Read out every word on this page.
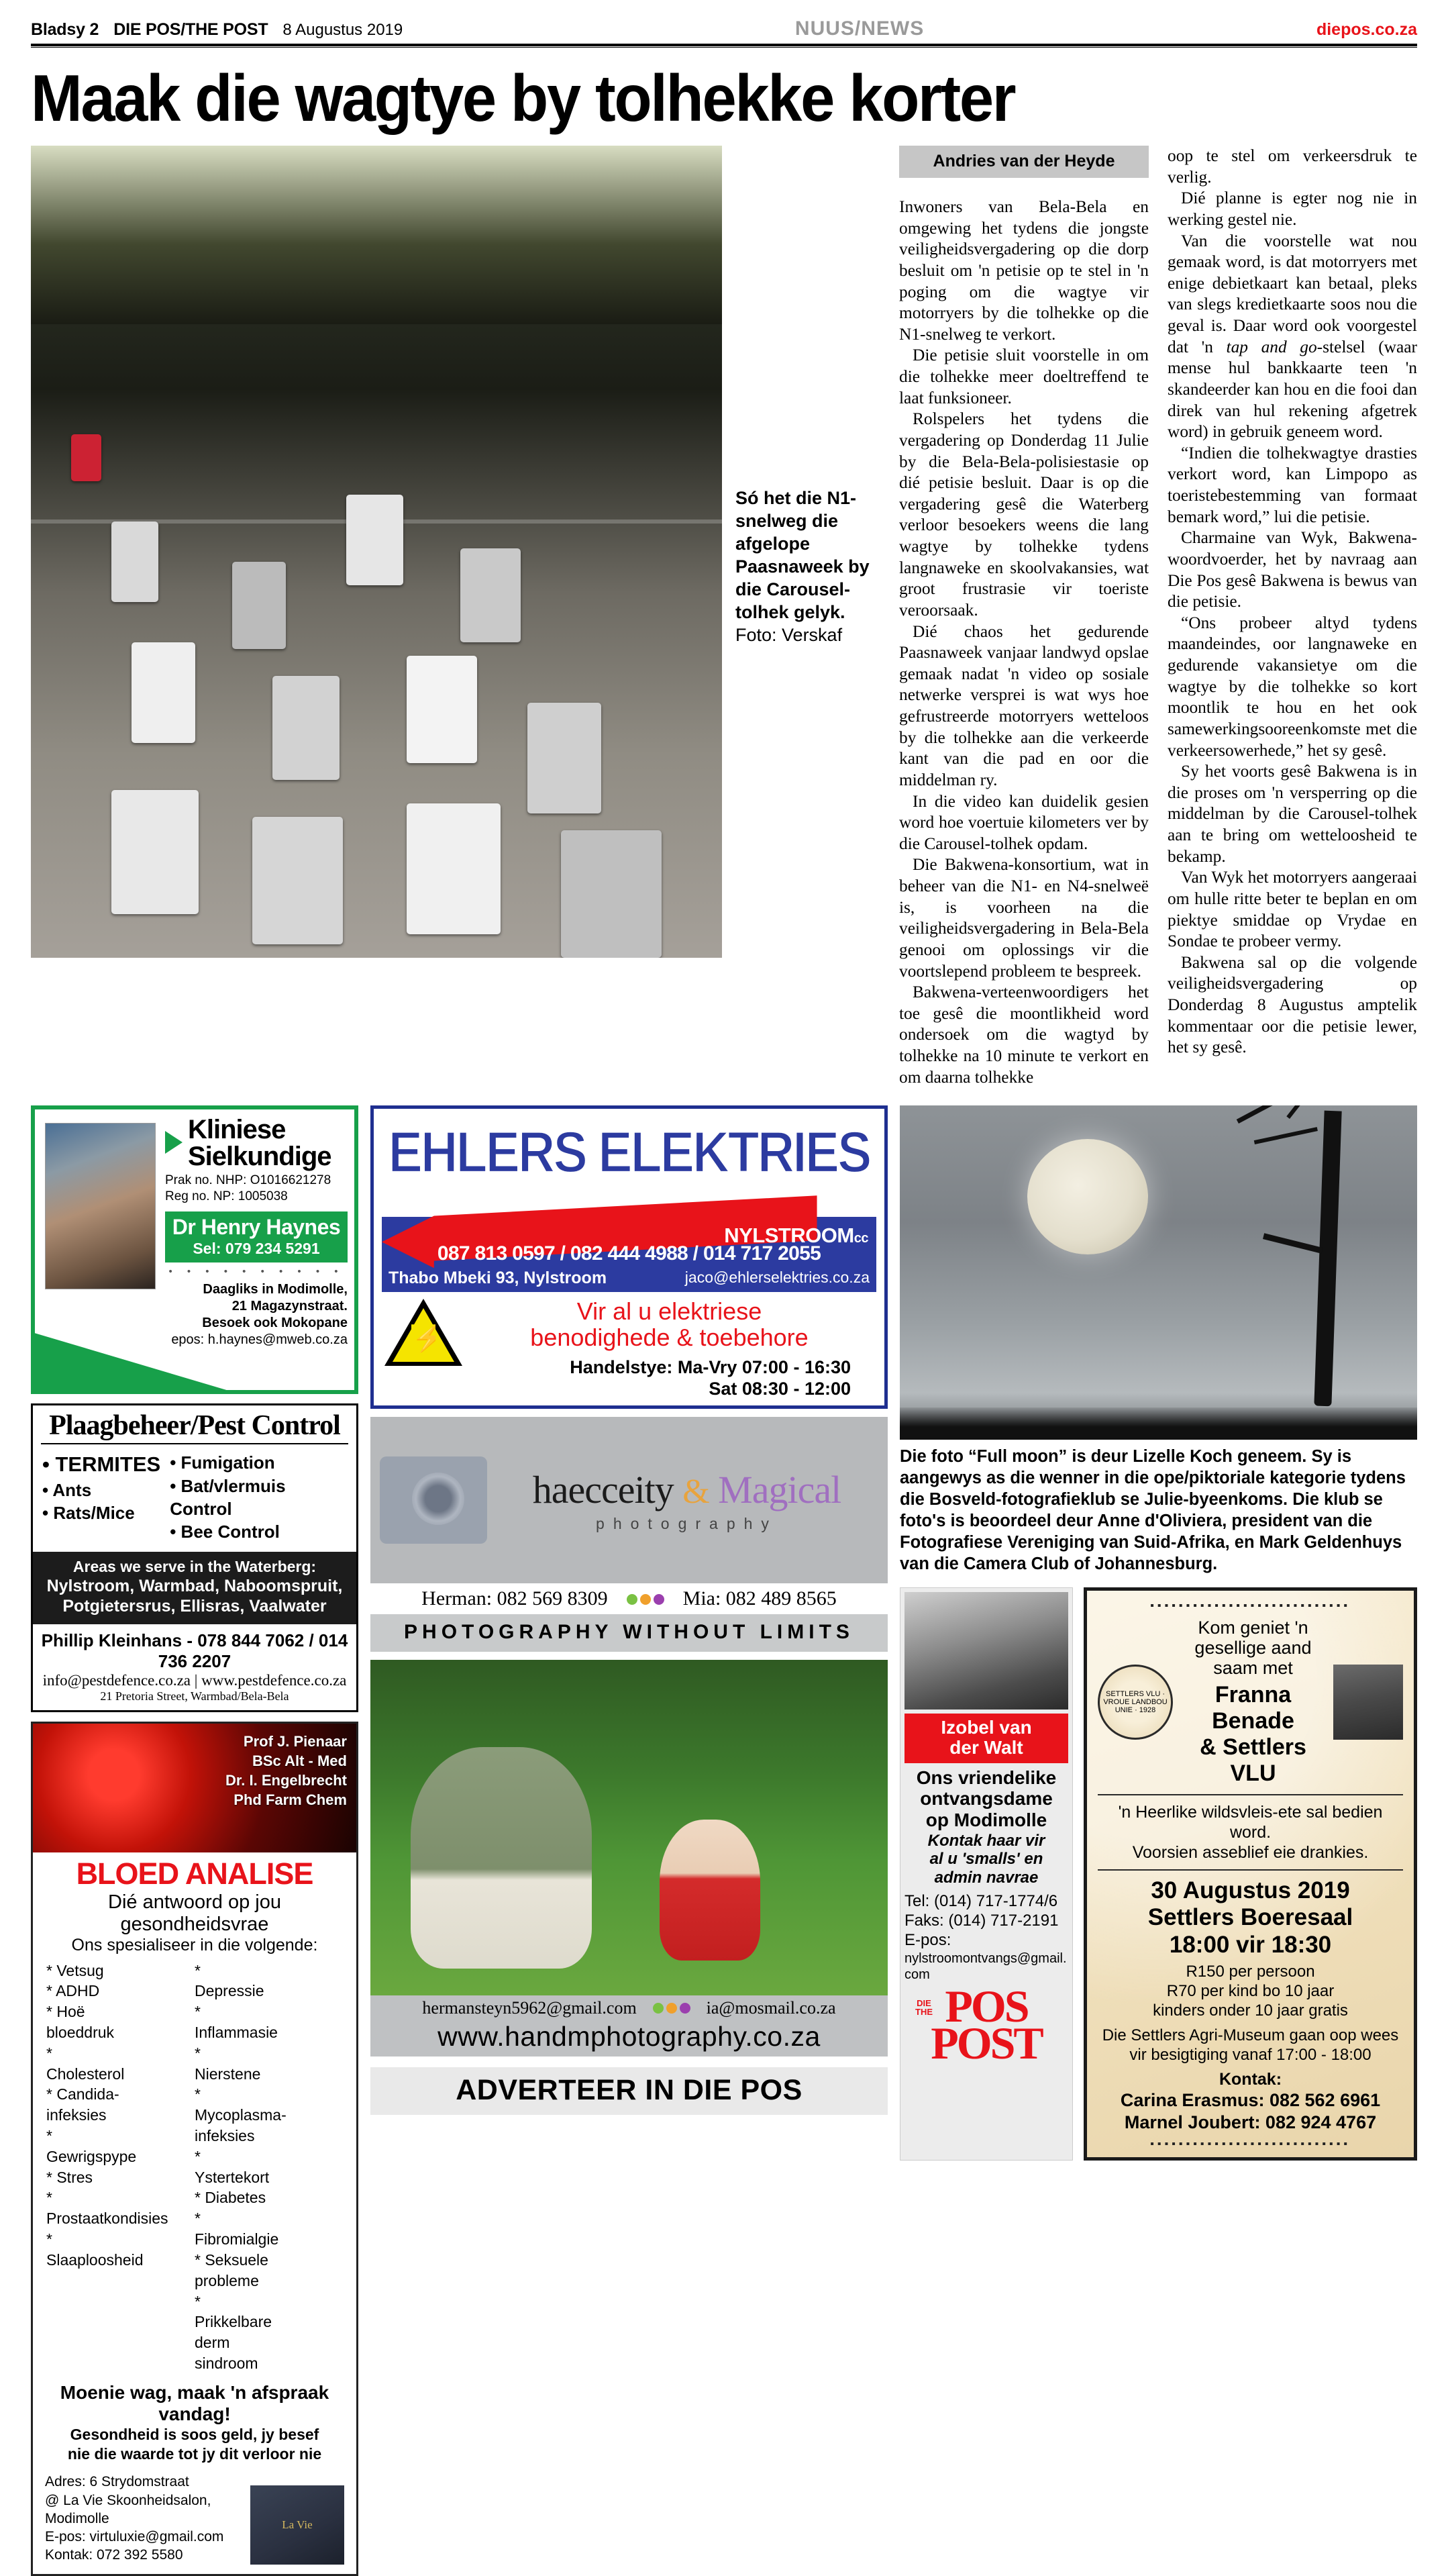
Bladsy 2 DIE POS/THE POST 8 Augustus 2019	NUUS/NEWS	diepos.co.za
Maak die wagtye by tolhekke korter
Só het die N1-snelweg die afgelope Paasnaweek by die Carousel-tolhek gelyk. Foto: Verskaf
Andries van der Heyde

Inwoners van Bela-Bela en omgewing het tydens die jongste veiligheidsvergadering op die dorp besluit om 'n petisie op te stel in 'n poging om die wagtye vir motorryers by die tolhekke op die N1-snelweg te verkort.

Die petisie sluit voorstelle in om die tolhekke meer doeltreffend te laat funksioneer.

Rolspelers het tydens die vergadering op Donderdag 11 Julie by die Bela-Bela-polisiestasie op dié petisie besluit. Daar is op die vergadering gesê die Waterberg verloor besoekers weens die lang wagtye by tolhekke tydens langnaweke en skoolvakansies, wat groot frustrasie vir toeriste veroorsaak.

Dié chaos het gedurende Paasnaweek vanjaar landwyd opslae gemaak nadat 'n video op sosiale netwerke versprei is wat wys hoe gefrustreerde motorryers wetteloos by die tolhekke aan die verkeerde kant van die pad en oor die middelman ry.

In die video kan duidelik gesien word hoe voertuie kilometers ver by die Carousel-tolhek opdam.

Die Bakwena-konsortium, wat in beheer van die N1- en N4-snelweë is, is voorheen na die veiligheidsvergadering in Bela-Bela genooi om oplossings vir die voortslepend probleem te bespreek.

Bakwena-verteenwoordigers het toe gesê die moontlikheid word ondersoek om die wagtyd by tolhekke na 10 minute te verkort en om daarna tolhekke

oop te stel om verkeersdruk te verlig.

Dié planne is egter nog nie in werking gestel nie.

Van die voorstelle wat nou gemaak word, is dat motorryers met enige debietkaart kan betaal, pleks van slegs kredietkaarte soos nou die geval is. Daar word ook voorgestel dat 'n tap and go-stelsel (waar mense hul bankkaarte teen 'n skandeerder kan hou en die fooi dan direk van hul rekening afgetrek word) in gebruik geneem word.

“Indien die tolhekwagtye drasties verkort word, kan Limpopo as toeristebestemming van formaat bemark word,” lui die petisie.

Charmaine van Wyk, Bakwena-woordvoerder, het by navraag aan Die Pos gesê Bakwena is bewus van die petisie.

“Ons probeer altyd tydens maandeindes, oor langnaweke en gedurende vakansietye om die wagtye by die tolhekke so kort moontlik te hou en het ook samewerkingsooreenkomste met die verkeersowerhede,” het sy gesê.

Sy het voorts gesê Bakwena is in die proses om 'n versperring op die middelman by die Carousel-tolhek aan te bring om wetteloosheid te bekamp.

Van Wyk het motorryers aangeraai om hulle ritte beter te beplan en om piektye smiddae op Vrydae en Sondae te probeer vermy.

Bakwena sal op die volgende veiligheidsvergadering op Donderdag 8 Augustus amptelik kommentaar oor die petisie lewer, het sy gesê.

Kliniese
Sielkundige
Prak no. NHP: O1016621278
Reg no. NP: 1005038
Dr Henry Haynes
Sel: 079 234 5291
• • • • • • • • • •
Daagliks in Modimolle,
21 Magazynstraat.
Besoek ook Mokopane
epos: h.haynes@mweb.co.za
Plaagbeheer/Pest Control
• TERMITES
• Ants
• Rats/Mice
• Fumigation
• Bat/vlermuis Control
• Bee Control
Areas we serve in the Waterberg:
Nylstroom, Warmbad, Naboomspruit,
Potgietersrus, Ellisras, Vaalwater
Phillip Kleinhans - 078 844 7062 / 014 736 2207
info@pestdefence.co.za | www.pestdefence.co.za
21 Pretoria Street, Warmbad/Bela-Bela
Prof J. Pienaar
BSc Alt - Med
Dr. I. Engelbrecht
Phd Farm Chem
BLOED ANALISE
Dié antwoord op jou gesondheidsvrae
Ons spesialiseer in die volgende:
* Vetsug
* ADHD
* Hoë bloeddruk
* Cholesterol
* Candida-infeksies
* Gewrigspype
* Stres
* Prostaatkondisies
* Slaaploosheid
* Depressie
* Inflammasie
* Nierstene
* Mycoplasma-infeksies
* Ystertekort
* Diabetes
* Fibromialgie
* Seksuele probleme
* Prikkelbare derm sindroom
Moenie wag, maak 'n afspraak vandag!
Gesondheid is soos geld, jy besef
nie die waarde tot jy dit verloor nie
Adres: 6 Strydomstraat
@ La Vie Skoonheidsalon,
Modimolle
E-pos: virtuluxie@gmail.com
Kontak: 072 392 5580
La Vie
EHLERS ELEKTRIES
NYLSTROOMcc
087 813 0597 / 082 444 4988 / 014 717 2055
Thabo Mbeki 93, Nylstroom	jaco@ehlerselektries.co.za
⚡
Vir al u elektriese
benodighede & toebehore
Handelstye: Ma-Vry 07:00 - 16:30
Sat 08:30 - 12:00
haecceity & Magical
photography
Herman: 082 569 8309	Mia: 082 489 8565
PHOTOGRAPHY WITHOUT LIMITS
hermansteyn5962@gmail.com	ia@mosmail.co.za
www.handmphotography.co.za
ADVERTEER IN DIE POS
Die foto “Full moon” is deur Lizelle Koch geneem. Sy is aangewys as die wenner in die ope/piktoriale kategorie tydens die Bosveld-fotografieklub se Julie-byeenkoms. Die klub se foto's is beoordeel deur Anne d'Oliviera, president van die Fotografiese Vereniging van Suid-Afrika, en Mark Geldenhuys van die Camera Club of Johannesburg.
Izobel van
der Walt
Ons vriendelike
ontvangsdame
op Modimolle
Kontak haar vir
al u 'smalls' en
admin navrae
Tel: (014) 717-1774/6
Faks: (014) 717-2191
E-pos:
nylstroomontvangs@gmail.com
DIE
THE POS
POST
▪▪▪▪▪▪▪▪▪▪▪▪▪▪▪▪▪▪▪▪▪▪▪▪▪▪▪▪
SETTLERS VLU · VROUE LANDBOU UNIE · 1928
Kom geniet 'n gesellige aand
saam met
Franna Benade
& Settlers VLU
'n Heerlike wildsvleis-ete sal bedien word.
Voorsien asseblief eie drankies.
30 Augustus 2019
Settlers Boeresaal
18:00 vir 18:30
R150 per persoon
R70 per kind bo 10 jaar
kinders onder 10 jaar gratis
Die Settlers Agri-Museum gaan oop wees
vir besigtiging vanaf 17:00 - 18:00
Kontak:
Carina Erasmus: 082 562 6961
Marnel Joubert: 082 924 4767
▪▪▪▪▪▪▪▪▪▪▪▪▪▪▪▪▪▪▪▪▪▪▪▪▪▪▪▪
